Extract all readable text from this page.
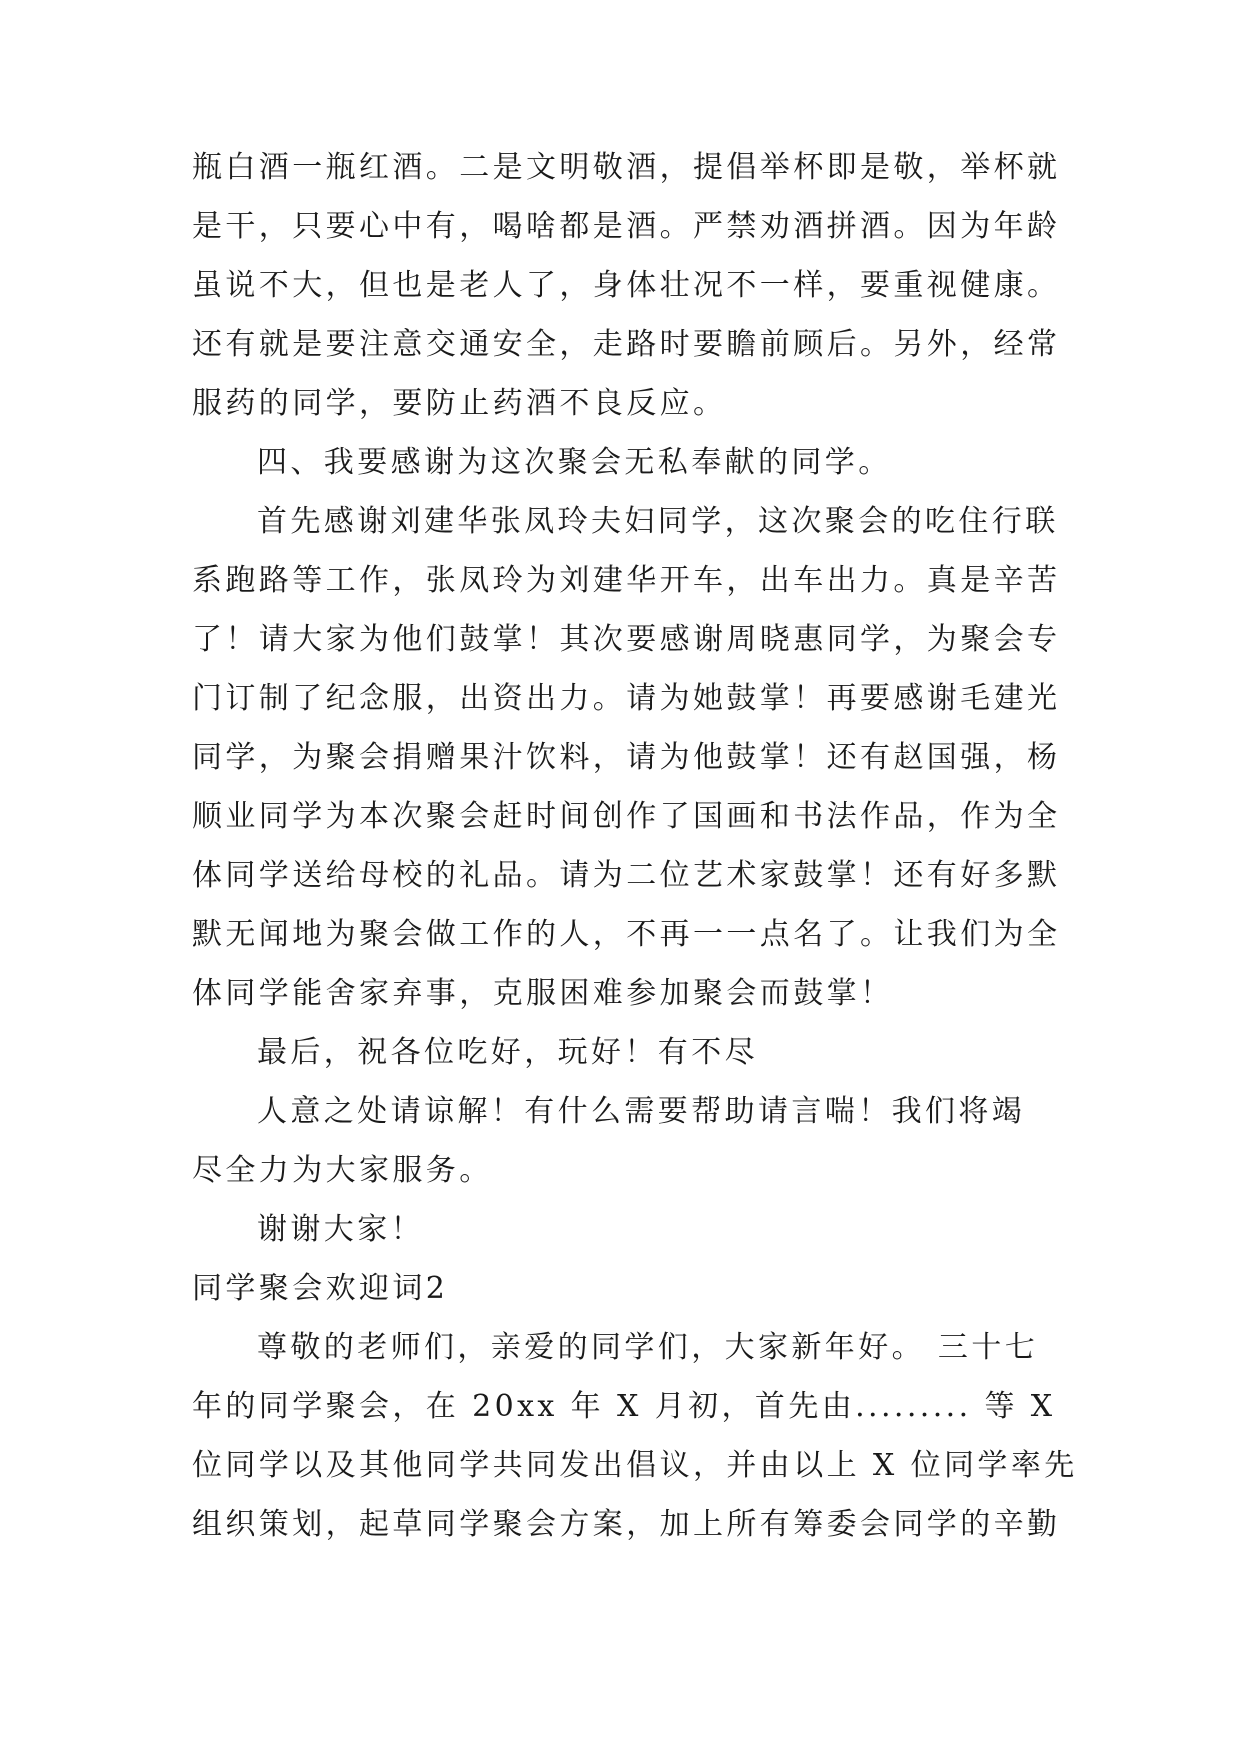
瓶白酒一瓶红酒。二是文明敬酒，提倡举杯即是敬，举杯就
是干，只要心中有，喝啥都是酒。严禁劝酒拼酒。因为年龄
虽说不大，但也是老人了，身体壮况不一样，要重视健康。
还有就是要注意交通安全，走路时要瞻前顾后。另外，经常
服药的同学，要防止药酒不良反应。
四、我要感谢为这次聚会无私奉献的同学。
首先感谢刘建华张凤玲夫妇同学，这次聚会的吃住行联
系跑路等工作，张凤玲为刘建华开车，出车出力。真是辛苦
了！请大家为他们鼓掌！其次要感谢周晓惠同学，为聚会专
门订制了纪念服，出资出力。请为她鼓掌！再要感谢毛建光
同学，为聚会捐赠果汁饮料，请为他鼓掌！还有赵国强，杨
顺业同学为本次聚会赶时间创作了国画和书法作品，作为全
体同学送给母校的礼品。请为二位艺术家鼓掌！还有好多默
默无闻地为聚会做工作的人，不再一一点名了。让我们为全
体同学能舍家弃事，克服困难参加聚会而鼓掌！
最后，祝各位吃好，玩好！有不尽
人意之处请谅解！有什么需要帮助请言喘！我们将竭
尽全力为大家服务。
谢谢大家！
同学聚会欢迎词2
尊敬的老师们，亲爱的同学们，大家新年好。 三十七
年的同学聚会，在 20xx 年 X 月初，首先由......... 等 X
位同学以及其他同学共同发出倡议，并由以上 X 位同学率先
组织策划，起草同学聚会方案，加上所有筹委会同学的辛勤
